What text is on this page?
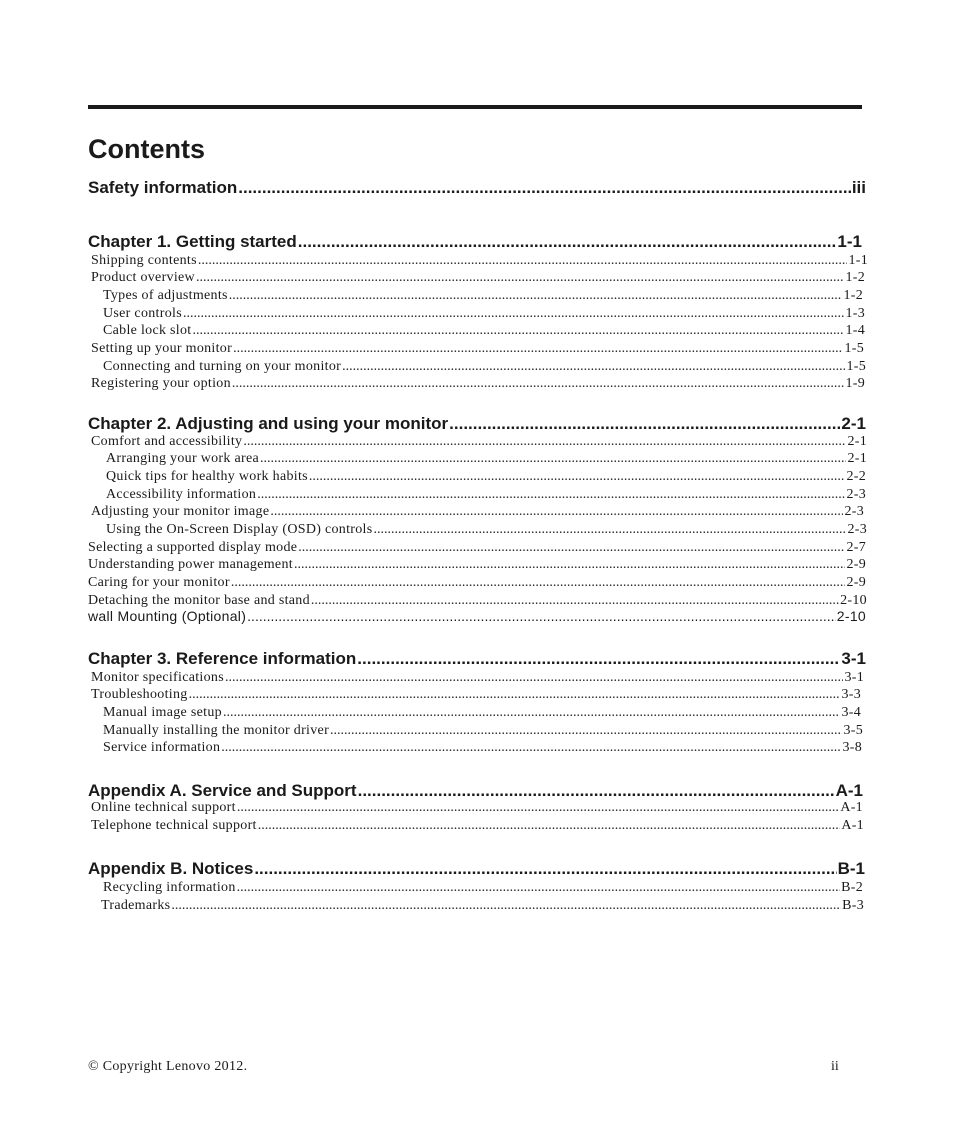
Contents
Safety information .....	iii
Chapter 1. Getting started .....	1-1
Shipping contents .....	1-1
Product overview .....	1-2
Types of adjustments .....	1-2
User controls .....	1-3
Cable lock slot .....	1-4
Setting up your monitor .....	1-5
Connecting and turning on your monitor .....	1-5
Registering your option .....	1-9
Chapter 2. Adjusting and using your monitor .....	2-1
Comfort and accessibility .....	2-1
Arranging your work area .....	2-1
Quick tips for healthy work habits .....	2-2
Accessibility information .....	2-3
Adjusting your monitor image .....	2-3
Using the On-Screen Display (OSD) controls .....	2-3
Selecting a supported display mode .....	2-7
Understanding power management .....	2-9
Caring for your monitor .....	2-9
Detaching the monitor base and stand .....	2-10
wall Mounting (Optional) .....	2-10
Chapter 3. Reference information .....	3-1
Monitor specifications .....	3-1
Troubleshooting .....	3-3
Manual image setup .....	3-4
Manually installing the monitor driver .....	3-5
Service information .....	3-8
Appendix A. Service and Support .....	A-1
Online technical support .....	A-1
Telephone technical support .....	A-1
Appendix B. Notices .....	B-1
Recycling information .....	B-2
Trademarks .....	B-3
© Copyright Lenovo 2012.	ii
